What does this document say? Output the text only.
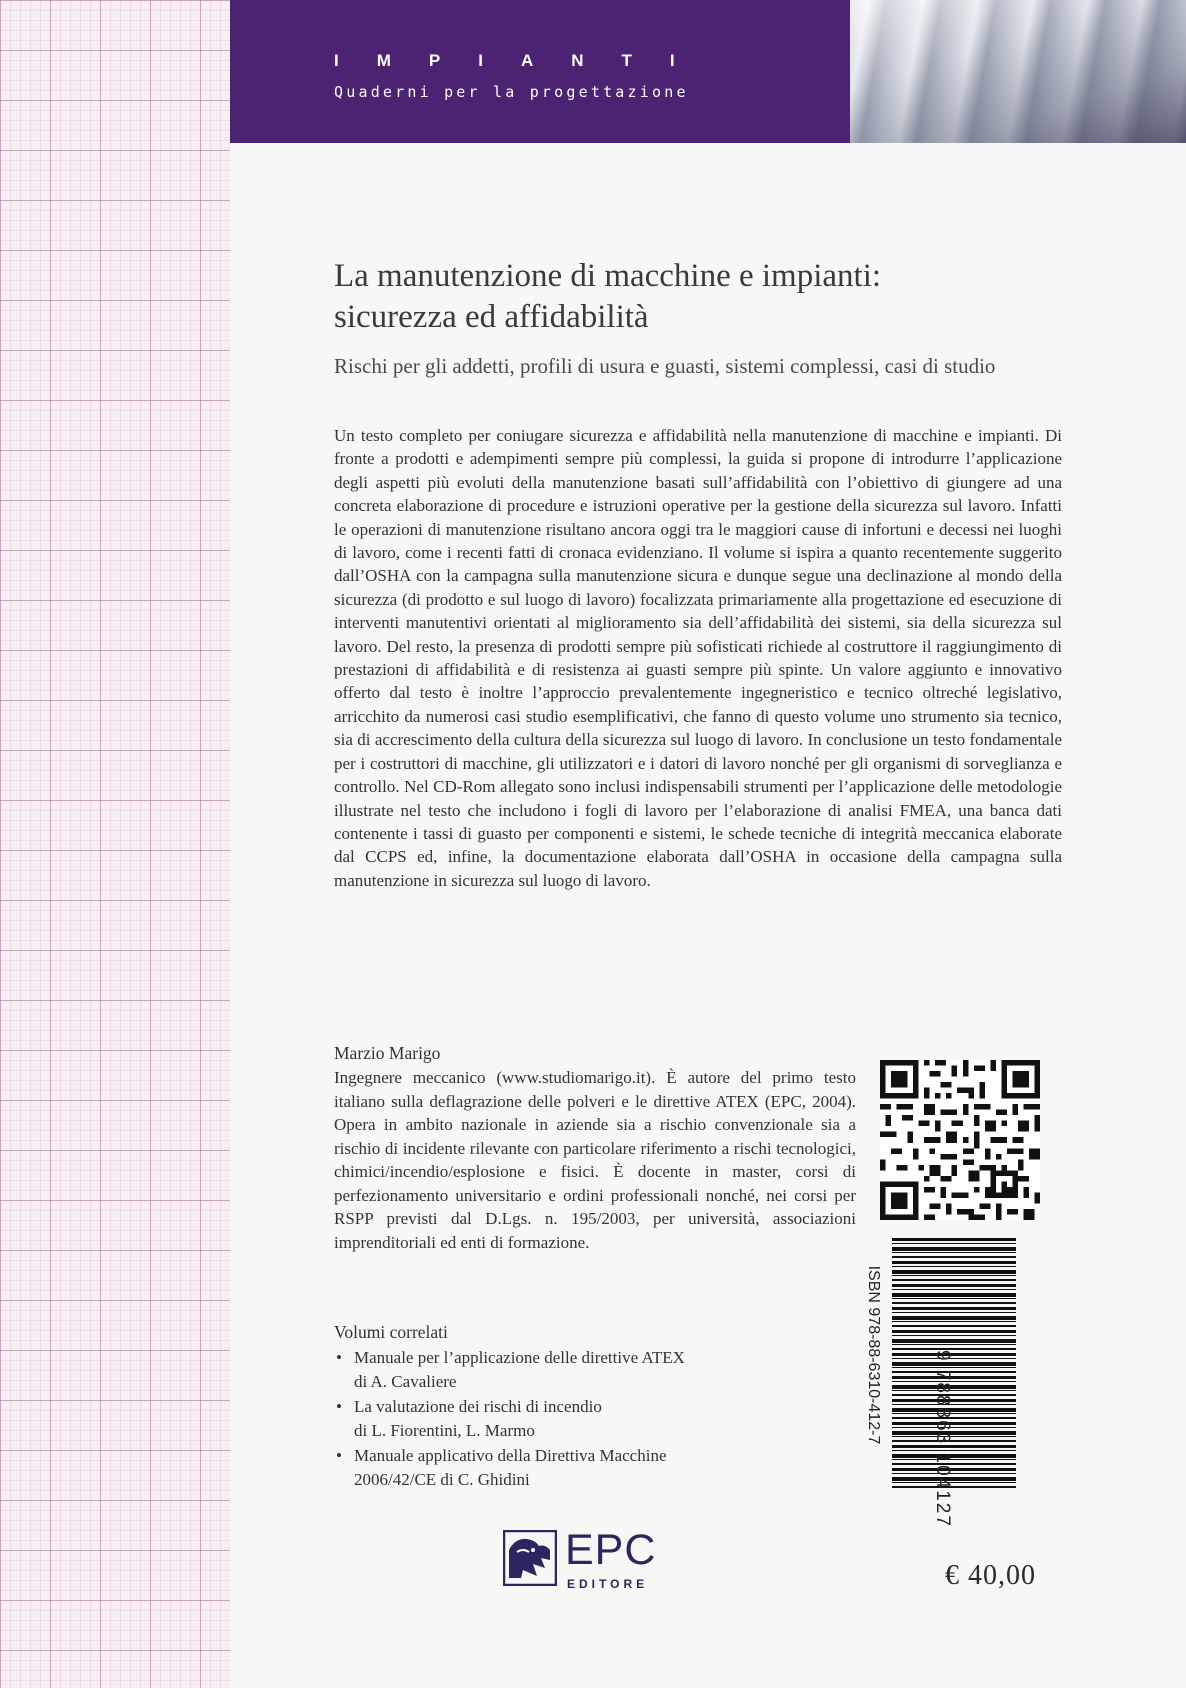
IMPIANTI
Quaderni per la progettazione
La manutenzione di macchine e impianti:
sicurezza ed affidabilità
Rischi per gli addetti, profili di usura e guasti, sistemi complessi, casi di studio
Un testo completo per coniugare sicurezza e affidabilità nella manutenzione di macchine e impianti. Di fronte a prodotti e adempimenti sempre più complessi, la guida si propone di introdurre l’applicazione degli aspetti più evoluti della manutenzione basati sull’affidabilità con l’obiettivo di giungere ad una concreta elaborazione di procedure e istruzioni operative per la gestione della sicurezza sul lavoro. Infatti le operazioni di manutenzione risultano ancora oggi tra le maggiori cause di infortuni e decessi nei luoghi di lavoro, come i recenti fatti di cronaca evidenziano. Il volume si ispira a quanto recentemente suggerito dall’OSHA con la campagna sulla manutenzione sicura e dunque segue una declinazione al mondo della sicurezza (di prodotto e sul luogo di lavoro) focalizzata primariamente alla progettazione ed esecuzione di interventi manutentivi orientati al miglioramento sia dell’affidabilità dei sistemi, sia della sicurezza sul lavoro. Del resto, la presenza di prodotti sempre più sofisticati richiede al costruttore il raggiungimento di prestazioni di affidabilità e di resistenza ai guasti sempre più spinte. Un valore aggiunto e innovativo offerto dal testo è inoltre l’approccio prevalentemente ingegneristico e tecnico oltreché legislativo, arricchito da numerosi casi studio esemplificativi, che fanno di questo volume uno strumento sia tecnico, sia di accrescimento della cultura della sicurezza sul luogo di lavoro. In conclusione un testo fondamentale per i costruttori di macchine, gli utilizzatori e i datori di lavoro nonché per gli organismi di sorveglianza e controllo. Nel CD-Rom allegato sono inclusi indispensabili strumenti per l’applicazione delle metodologie illustrate nel testo che includono i fogli di lavoro per l’elaborazione di analisi FMEA, una banca dati contenente i tassi di guasto per componenti e sistemi, le schede tecniche di integrità meccanica elaborate dal CCPS ed, infine, la documentazione elaborata dall’OSHA in occasione della campagna sulla manutenzione in sicurezza sul luogo di lavoro.
Marzio Marigo
Ingegnere meccanico (www.studiomarigo.it). È autore del primo testo italiano sulla deflagrazione delle polveri e le direttive ATEX (EPC, 2004). Opera in ambito nazionale in aziende sia a rischio convenzionale sia a rischio di incidente rilevante con particolare riferimento a rischi tecnologici, chimici/incendio/esplosione e fisici. È docente in master, corsi di perfezionamento universitario e ordini professionali nonché, nei corsi per RSPP previsti dal D.Lgs. n. 195/2003, per università, associazioni imprenditoriali ed enti di formazione.
Volumi correlati
• Manuale per l’applicazione delle direttive ATEX
di A. Cavaliere
• La valutazione dei rischi di incendio
di L. Fiorentini, L. Marmo
• Manuale applicativo della Direttiva Macchine
2006/42/CE di C. Ghidini
ISBN 978-88-6310-412-7	9 788863 104127
EPC
EDITORE	€ 40,00
